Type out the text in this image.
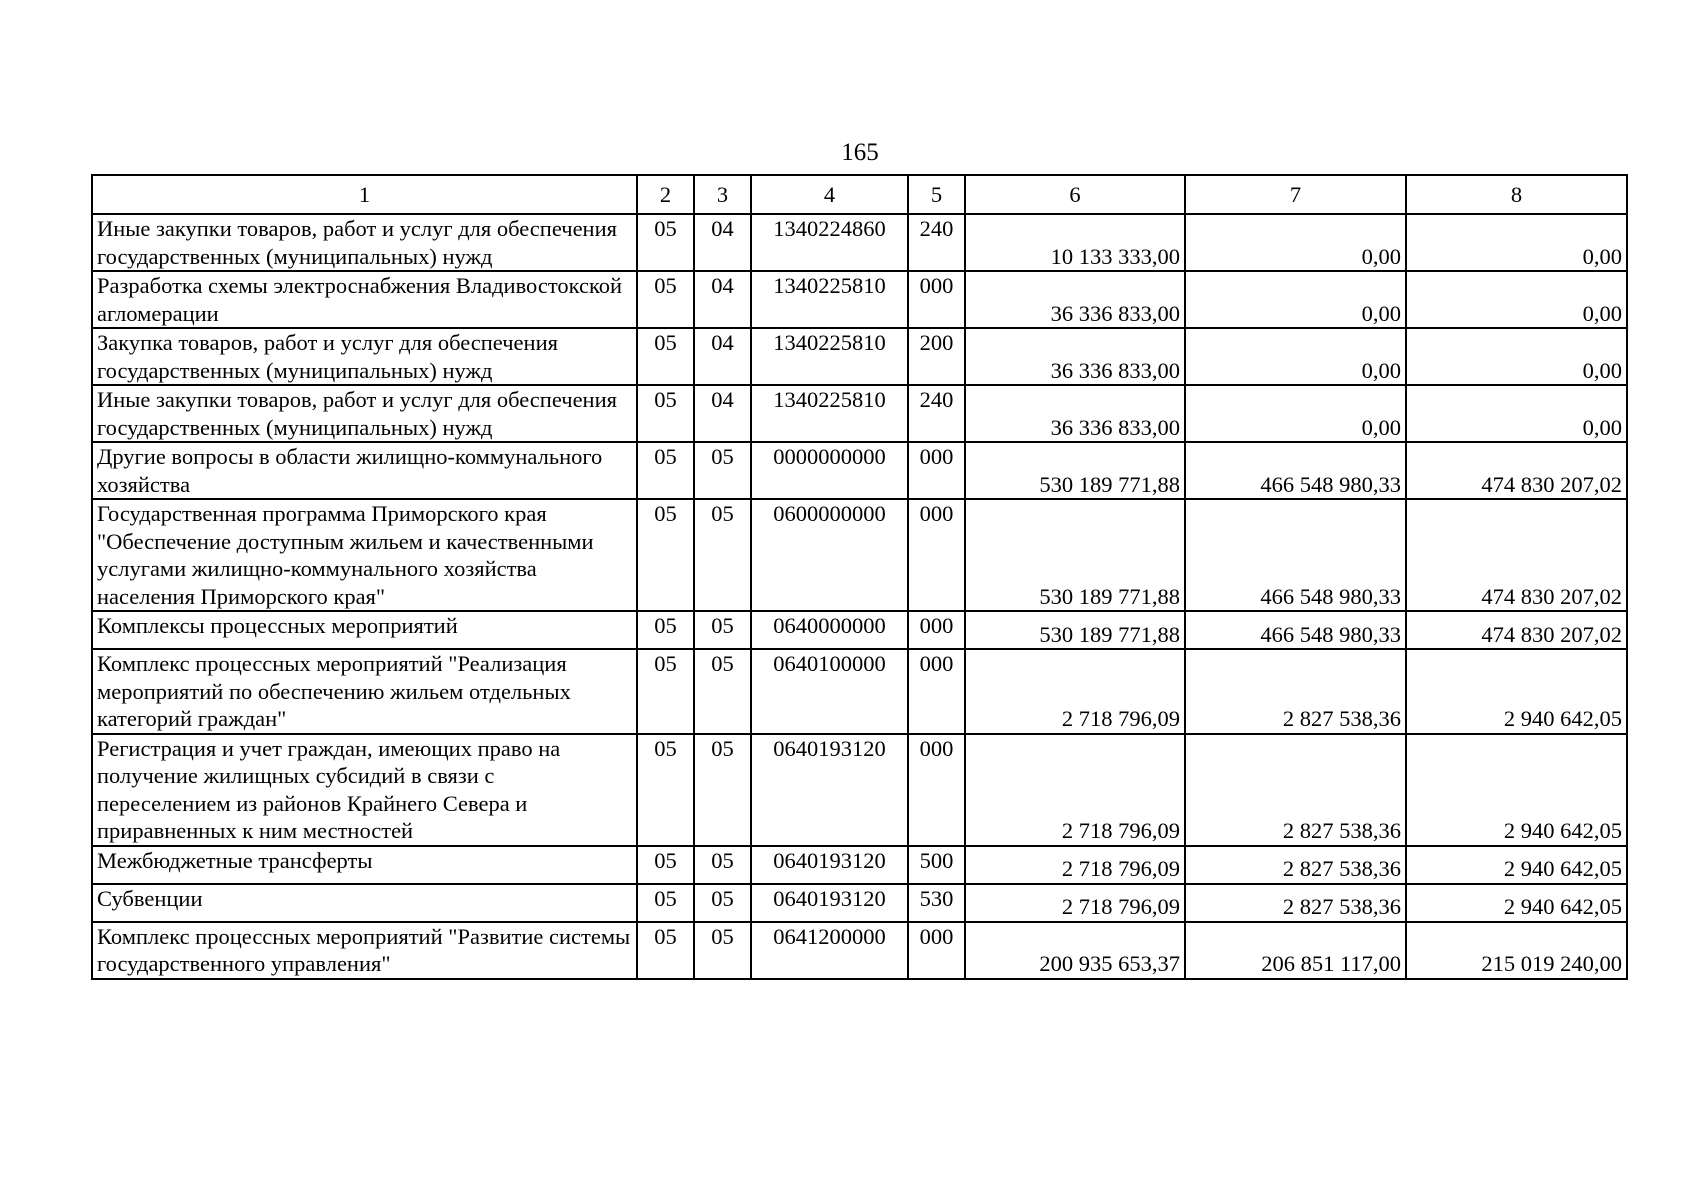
165
1	2	3	4	5	6	7	8
Иные закупки товаров, работ и услуг для обеспечения государственных (муниципальных) нужд	05	04	1340224860	240	10 133 333,00	0,00	0,00
Разработка схемы электроснабжения Владивостокской агломерации	05	04	1340225810	000	36 336 833,00	0,00	0,00
Закупка товаров, работ и услуг для обеспечения государственных (муниципальных) нужд	05	04	1340225810	200	36 336 833,00	0,00	0,00
Иные закупки товаров, работ и услуг для обеспечения государственных (муниципальных) нужд	05	04	1340225810	240	36 336 833,00	0,00	0,00
Другие вопросы в области жилищно-коммунального хозяйства	05	05	0000000000	000	530 189 771,88	466 548 980,33	474 830 207,02
Государственная программа Приморского края "Обеспечение доступным жильем и качественными услугами жилищно-коммунального хозяйства населения Приморского края"	05	05	0600000000	000	530 189 771,88	466 548 980,33	474 830 207,02
Комплексы процессных мероприятий	05	05	0640000000	000	530 189 771,88	466 548 980,33	474 830 207,02
Комплекс процессных мероприятий "Реализация мероприятий по обеспечению жильем отдельных категорий граждан"	05	05	0640100000	000	2 718 796,09	2 827 538,36	2 940 642,05
Регистрация и учет граждан, имеющих право на получение жилищных субсидий в связи с переселением из районов Крайнего Севера и приравненных к ним местностей	05	05	0640193120	000	2 718 796,09	2 827 538,36	2 940 642,05
Межбюджетные трансферты	05	05	0640193120	500	2 718 796,09	2 827 538,36	2 940 642,05
Субвенции	05	05	0640193120	530	2 718 796,09	2 827 538,36	2 940 642,05
Комплекс процессных мероприятий "Развитие системы государственного управления"	05	05	0641200000	000	200 935 653,37	206 851 117,00	215 019 240,00
